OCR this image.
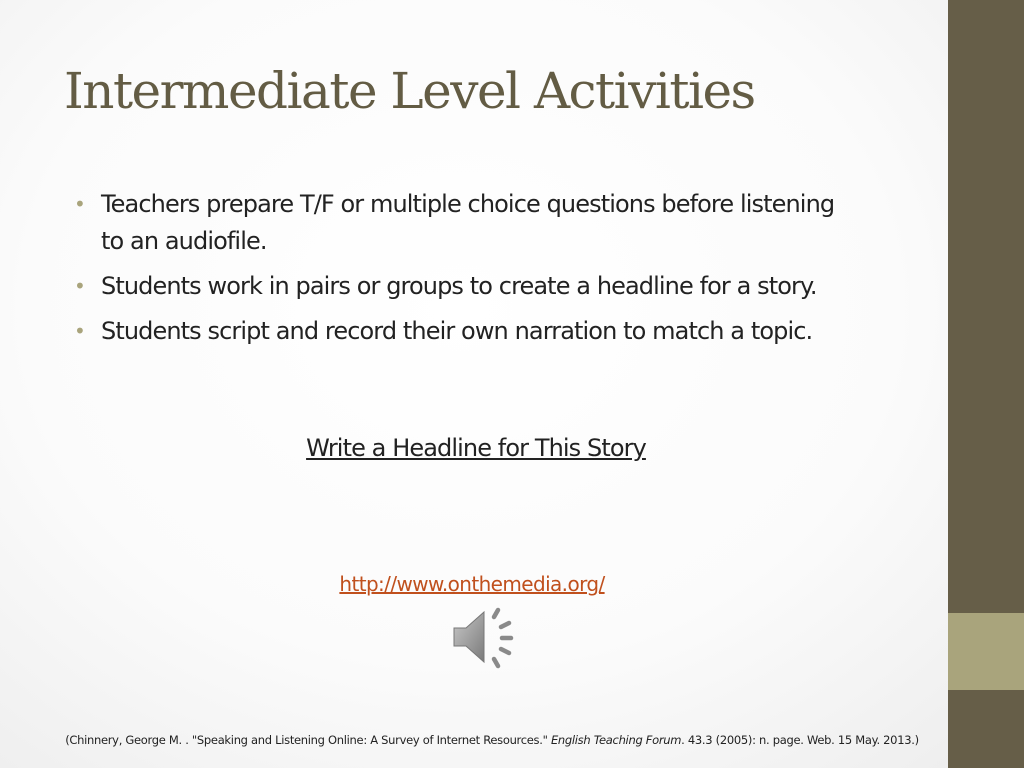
Intermediate Level Activities
• Teachers prepare T/F or multiple choice questions before listening to an audiofile.
• Students work in pairs or groups to create a headline for a story.
• Students script and record their own narration to match a topic.
Write a Headline for This Story
http://www.onthemedia.org/
(Chinnery, George M. . "Speaking and Listening Online: A Survey of Internet Resources." English Teaching Forum. 43.3 (2005): n. page. Web. 15 May. 2013.)
